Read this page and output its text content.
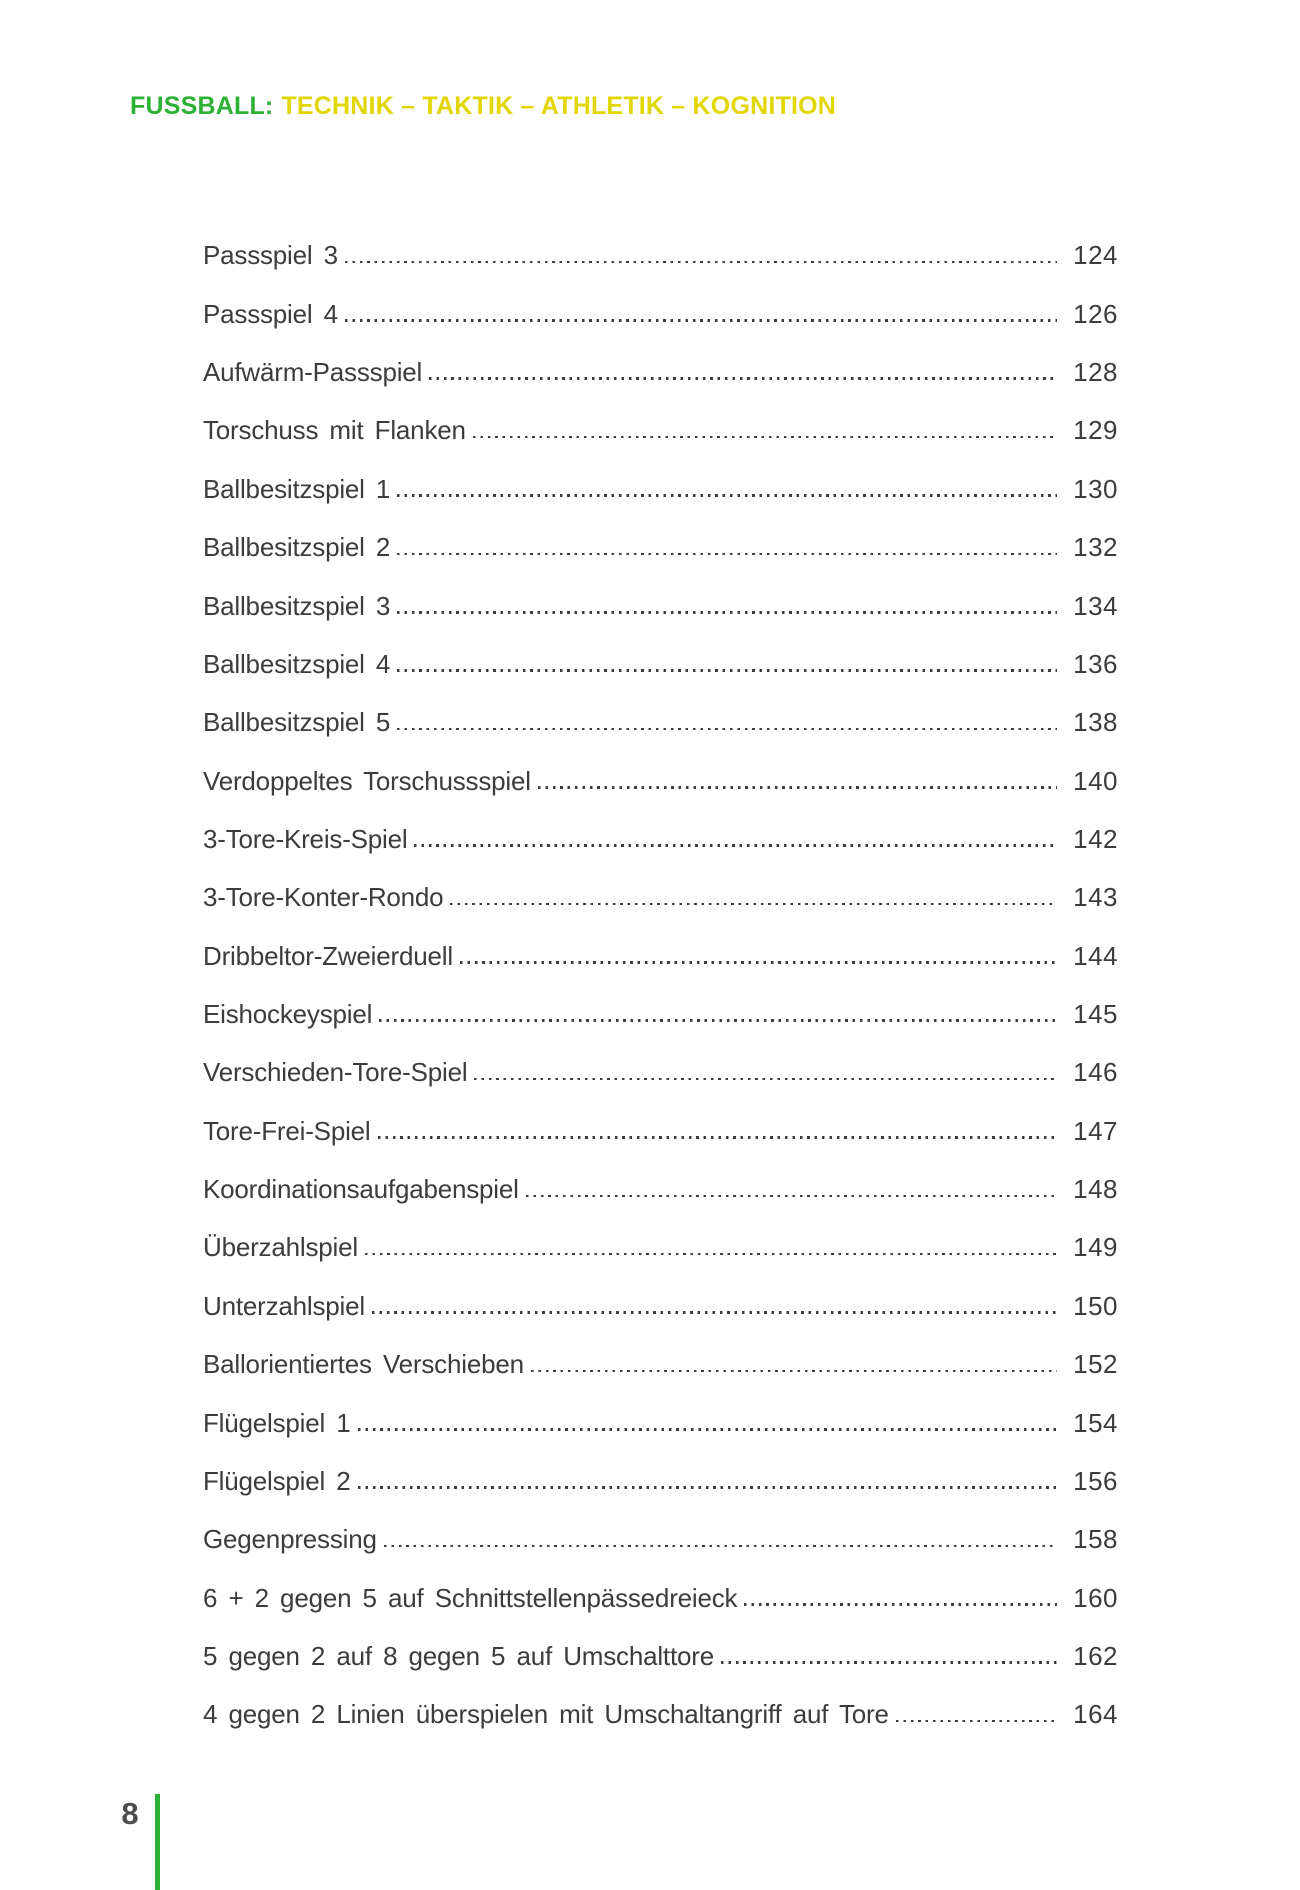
FUSSBALL: TECHNIK – TAKTIK – ATHLETIK – KOGNITION
Passspiel 3	124
Passspiel 4	126
Aufwärm-Passspiel	128
Torschuss mit Flanken	129
Ballbesitzspiel 1	130
Ballbesitzspiel 2	132
Ballbesitzspiel 3	134
Ballbesitzspiel 4	136
Ballbesitzspiel 5	138
Verdoppeltes Torschussspiel	140
3-Tore-Kreis-Spiel	142
3-Tore-Konter-Rondo	143
Dribbeltor-Zweierduell	144
Eishockeyspiel	145
Verschieden-Tore-Spiel	146
Tore-Frei-Spiel	147
Koordinationsaufgabenspiel	148
Überzahlspiel	149
Unterzahlspiel	150
Ballorientiertes Verschieben	152
Flügelspiel 1	154
Flügelspiel 2	156
Gegenpressing	158
6 + 2 gegen 5 auf Schnittstellenpässedreieck	160
5 gegen 2 auf 8 gegen 5 auf Umschalttore	162
4 gegen 2 Linien überspielen mit Umschaltangriff auf Tore	164
8
